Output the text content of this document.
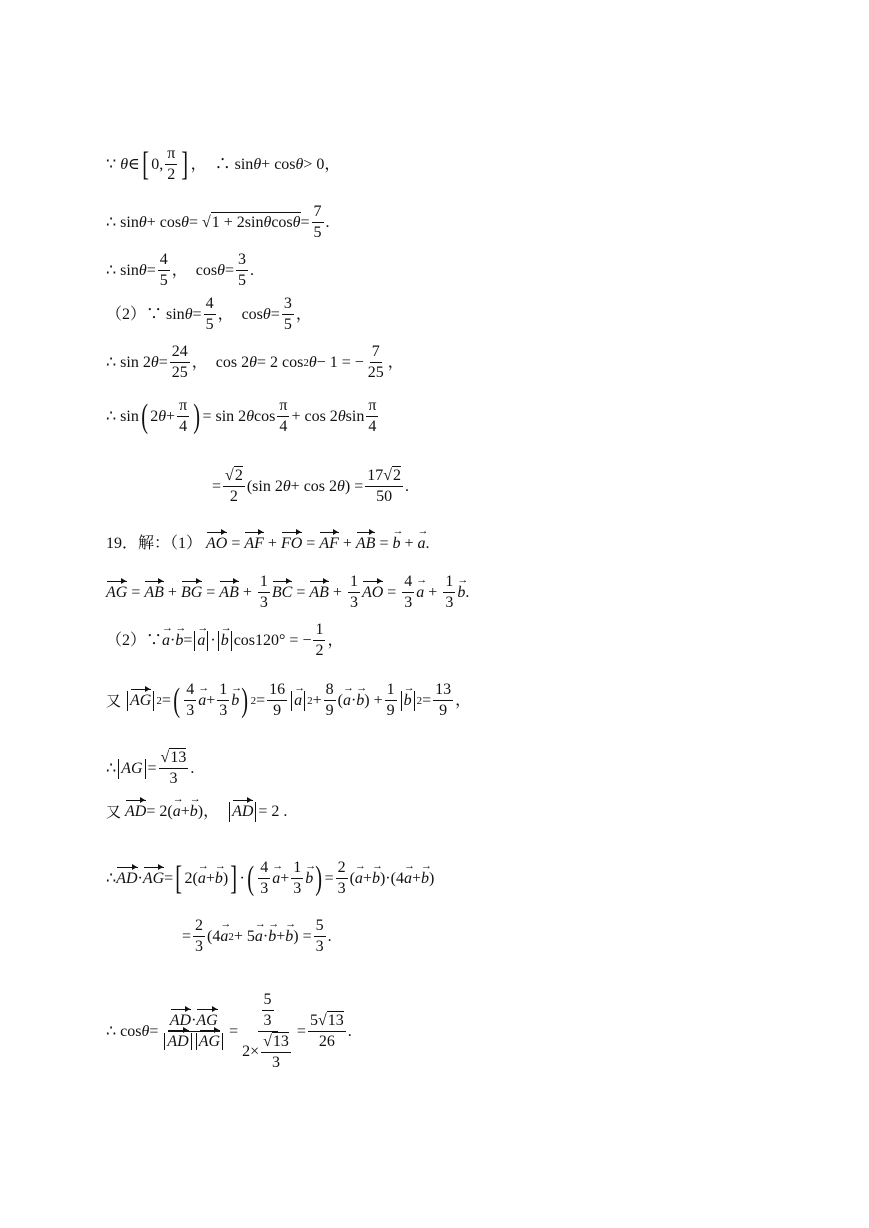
∵ θ ∈ [ 0, $\frac{\pi}{2}$ ] ，  ∴ sin θ + cos θ > 0，
∴ sin θ + cos θ = √ $1 + 2\sin\theta\cos\theta = \frac{7}{5}$ .
∴ $\sin \theta = \frac{4}{5}$ ，  $\cos \theta = \frac{3}{5}$ .
（2）∵ $\sin \theta = \frac{4}{5}$ ，  $\cos \theta = \frac{3}{5}$ ，
∴ sin 2 $\theta = \frac{24}{25}$ ，  cos 2 θ = 2 cos 2 θ − 1 = − $\frac{7}{25}$ ，
∴ sin ( 2 $\theta + \frac{\pi}{4}$ ) = sin 2 θ $\cos \frac{\pi}{4} + \cos 2$ θ $\sin \frac{\pi}{4}$
= $\frac{√2}{2} (\sin$ 2 θ + cos 2 θ ) = $\frac{17√2}{50}$ .
19．解：（1） AO = AF + FO = AF + AB =
→ b +
→ a .
AG = AB + BG = AB + $\frac{1}{3}$ BC = AB + $\frac{1}{3}$ AO = $\frac{4}{3}$
→ $a + \frac{1}{3}$
→ b .
（2）∵
→ a ·
→ b =
→ a ·
→ b cos120° = − $\frac{1}{2}$ ，
又
AG 2 = ( $\frac{4}{3}$
→ $a + \frac{1}{3}$
→ b ) $2 = \frac{16}{9}$
→ a $2 + \frac{8}{9}$ (
→ a ·
→ b ) + $\frac{1}{9}$
→ b $2 = \frac{13}{9}$ ，
∴ AG = $\frac{√13}{3}$ .
又
AD = 2(
→ a +
→ b )， AD = 2 .
∴ AD · AG = [ 2(
→ a +
→ b ) ] · ( $\frac{4}{3}$
→ $a + \frac{1}{3}$
→ b ) = $\frac{2}{3}$ (
→ a +
→ b )·(4
→ a +
→ b )
= $\frac{2}{3} (4$
→ a 2 + 5
→ a ·
→ b +
→ b ) = $\frac{5}{3}$ .
∴ $\cos \theta = \frac{AD\cdot AG}{\text{AD AG}} = \frac{\frac{5}{3}}{2\times \frac{√13}{3}} = \frac{5√13}{26}$ .
